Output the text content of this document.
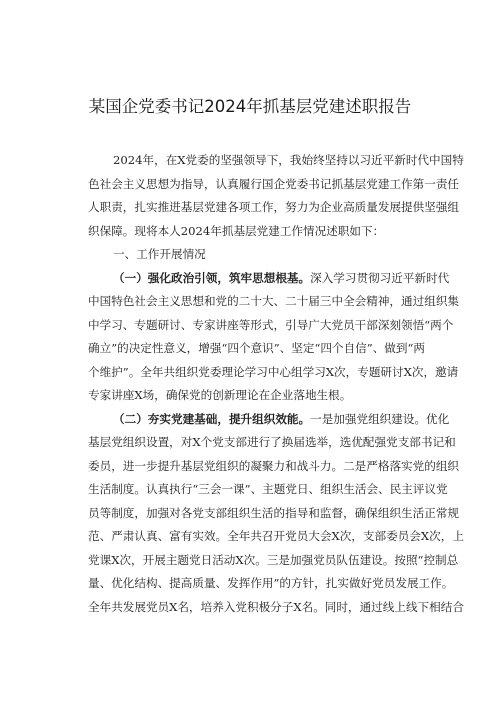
某国企党委书记2024年抓基层党建述职报告
2024年，在X党委的坚强领导下，我始终坚持以习近平新时代中国特
色社会主义思想为指导，认真履行国企党委书记抓基层党建工作第一责任
人职责，扎实推进基层党建各项工作，努力为企业高质量发展提供坚强组
织保障。现将本人2024年抓基层党建工作情况述职如下：
一、工作开展情况
（一）强化政治引领，筑牢思想根基。深入学习贯彻习近平新时代
中国特色社会主义思想和党的二十大、二十届三中全会精神，通过组织集
中学习、专题研讨、专家讲座等形式，引导广大党员干部深刻领悟“两个
确立”的决定性意义，增强“四个意识”、坚定“四个自信”、做到“两
个维护”。全年共组织党委理论学习中心组学习X次，专题研讨X次，邀请
专家讲座X场，确保党的创新理论在企业落地生根。
（二）夯实党建基础，提升组织效能。一是加强党组织建设。优化
基层党组织设置，对X个党支部进行了换届选举，选优配强党支部书记和
委员，进一步提升基层党组织的凝聚力和战斗力。二是严格落实党的组织
生活制度。认真执行“三会一课”、主题党日、组织生活会、民主评议党
员等制度，加强对各党支部组织生活的指导和监督，确保组织生活正常规
范、严肃认真、富有实效。全年共召开党员大会X次，支部委员会X次，上
党课X次，开展主题党日活动X次。三是加强党员队伍建设。按照“控制总
量、优化结构、提高质量、发挥作用”的方针，扎实做好党员发展工作。
全年共发展党员X名，培养入党积极分子X名。同时，通过线上线下相结合
